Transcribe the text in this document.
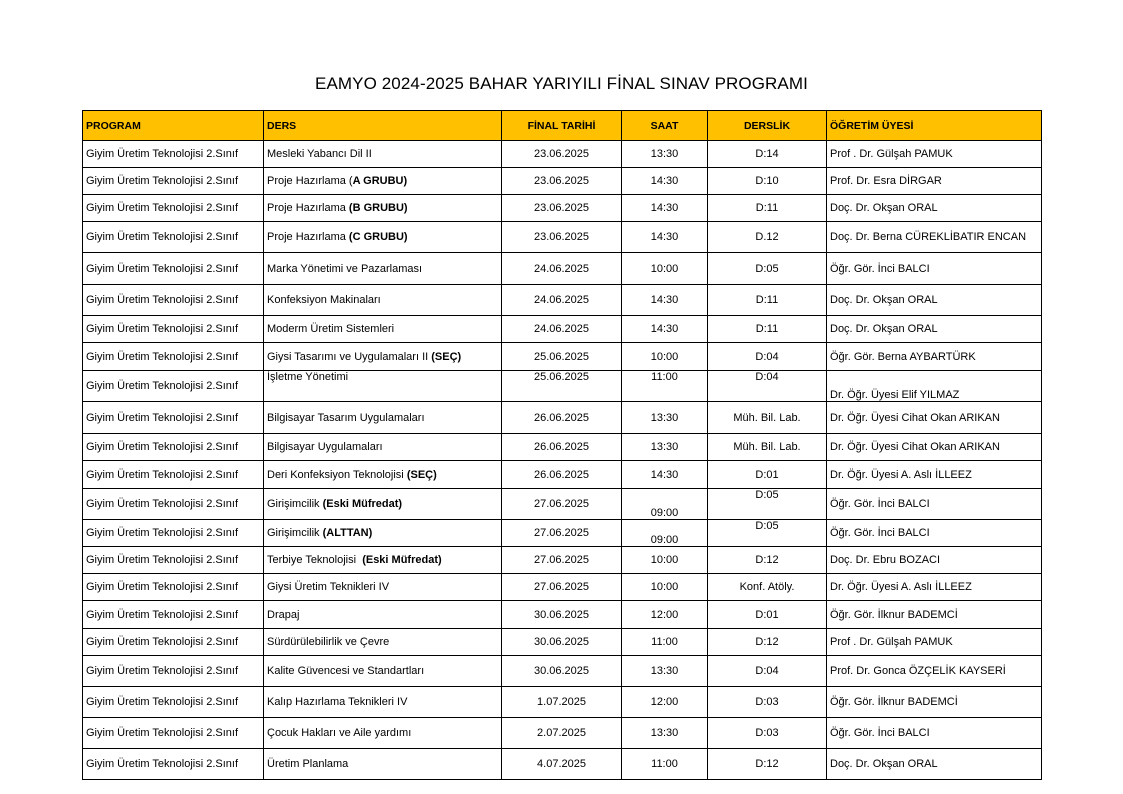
EAMYO 2024-2025 BAHAR YARIYILI FİNAL SINAV PROGRAMI
PROGRAM	DERS	FİNAL TARİHİ	SAAT	DERSLİK	ÖĞRETİM ÜYESİ
Giyim Üretim Teknolojisi 2.Sınıf	Mesleki Yabancı Dil II	23.06.2025	13:30	D:14	Prof . Dr. Gülşah PAMUK
Giyim Üretim Teknolojisi 2.Sınıf	Proje Hazırlama (A GRUBU)	23.06.2025	14:30	D:10	Prof. Dr. Esra DİRGAR
Giyim Üretim Teknolojisi 2.Sınıf	Proje Hazırlama (B GRUBU)	23.06.2025	14:30	D:11	Doç. Dr. Okşan ORAL
Giyim Üretim Teknolojisi 2.Sınıf	Proje Hazırlama (C GRUBU)	23.06.2025	14:30	D.12	Doç. Dr. Berna CÜREKLİBATIR ENCAN
Giyim Üretim Teknolojisi 2.Sınıf	Marka Yönetimi ve Pazarlaması	24.06.2025	10:00	D:05	Öğr. Gör. İnci BALCI
Giyim Üretim Teknolojisi 2.Sınıf	Konfeksiyon Makinaları	24.06.2025	14:30	D:11	Doç. Dr. Okşan ORAL
Giyim Üretim Teknolojisi 2.Sınıf	Moderm Üretim Sistemleri	24.06.2025	14:30	D:11	Doç. Dr. Okşan ORAL
Giyim Üretim Teknolojisi 2.Sınıf	Giysi Tasarımı ve Uygulamaları II (SEÇ)	25.06.2025	10:00	D:04	Öğr. Gör. Berna AYBARTÜRK
Giyim Üretim Teknolojisi 2.Sınıf	İşletme Yönetimi	25.06.2025	11:00	D:04	Dr. Öğr. Üyesi Elif YILMAZ
Giyim Üretim Teknolojisi 2.Sınıf	Bilgisayar Tasarım Uygulamaları	26.06.2025	13:30	Müh. Bil. Lab.	Dr. Öğr. Üyesi Cihat Okan ARIKAN
Giyim Üretim Teknolojisi 2.Sınıf	Bilgisayar Uygulamaları	26.06.2025	13:30	Müh. Bil. Lab.	Dr. Öğr. Üyesi Cihat Okan ARIKAN
Giyim Üretim Teknolojisi 2.Sınıf	Deri Konfeksiyon Teknolojisi (SEÇ)	26.06.2025	14:30	D:01	Dr. Öğr. Üyesi A. Aslı İLLEEZ
Giyim Üretim Teknolojisi 2.Sınıf	Girişimcilik (Eski Müfredat)	27.06.2025	09:00	D:05	Öğr. Gör. İnci BALCI
Giyim Üretim Teknolojisi 2.Sınıf	Girişimcilik (ALTTAN)	27.06.2025	09:00	D:05	Öğr. Gör. İnci BALCI
Giyim Üretim Teknolojisi 2.Sınıf	Terbiye Teknolojisi  (Eski Müfredat)	27.06.2025	10:00	D:12	Doç. Dr. Ebru BOZACI
Giyim Üretim Teknolojisi 2.Sınıf	Giysi Üretim Teknikleri IV	27.06.2025	10:00	Konf. Atöly.	Dr. Öğr. Üyesi A. Aslı İLLEEZ
Giyim Üretim Teknolojisi 2.Sınıf	Drapaj	30.06.2025	12:00	D:01	Öğr. Gör. İlknur BADEMCİ
Giyim Üretim Teknolojisi 2.Sınıf	Sürdürülebilirlik ve Çevre	30.06.2025	11:00	D:12	Prof . Dr. Gülşah PAMUK
Giyim Üretim Teknolojisi 2.Sınıf	Kalite Güvencesi ve Standartları	30.06.2025	13:30	D:04	Prof. Dr. Gonca ÖZÇELİK KAYSERİ
Giyim Üretim Teknolojisi 2.Sınıf	Kalıp Hazırlama Teknikleri IV	1.07.2025	12:00	D:03	Öğr. Gör. İlknur BADEMCİ
Giyim Üretim Teknolojisi 2.Sınıf	Çocuk Hakları ve Aile yardımı	2.07.2025	13:30	D:03	Öğr. Gör. İnci BALCI
Giyim Üretim Teknolojisi 2.Sınıf	Üretim Planlama	4.07.2025	11:00	D:12	Doç. Dr. Okşan ORAL
